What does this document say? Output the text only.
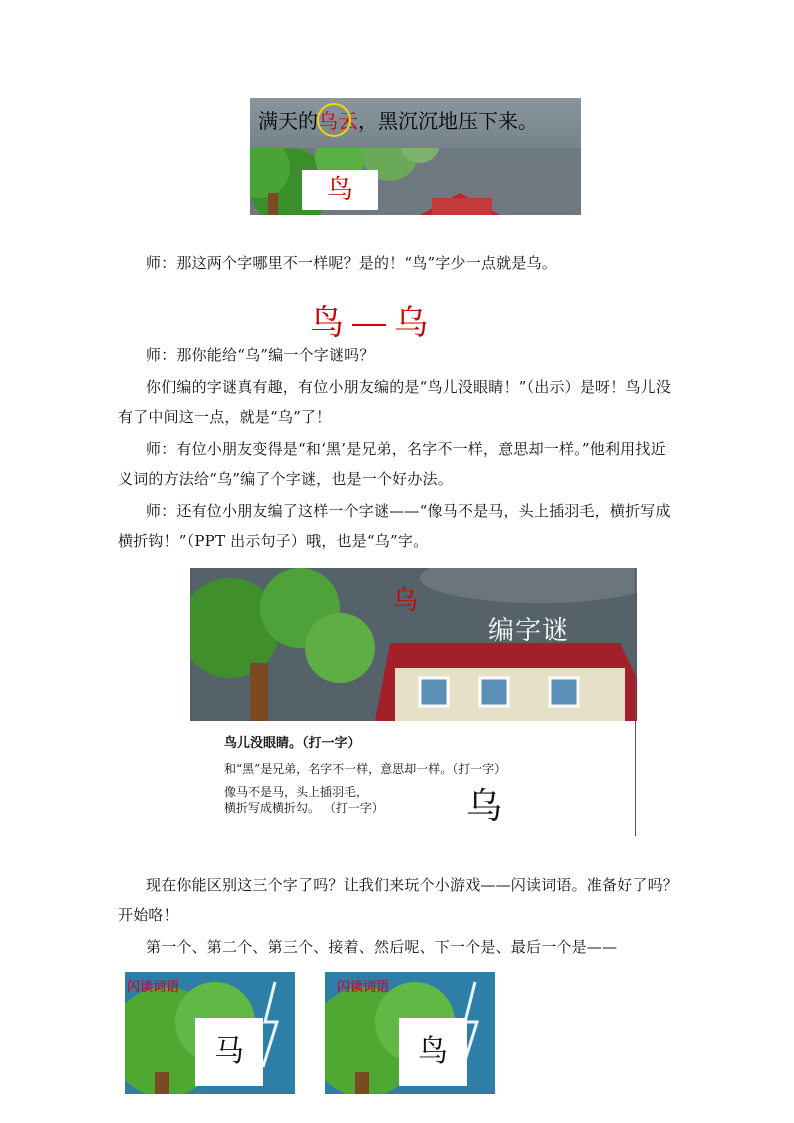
满天的乌云，黑沉沉地压下来。
鸟
师：那这两个字哪里不一样呢？是的！“鸟”字少一点就是乌。
鸟 乌
师：那你能给“乌”编一个字谜吗？
你们编的字谜真有趣，有位小朋友编的是“鸟儿没眼睛！”（出示）是呀！鸟儿没有了中间这一点，就是“乌”了！
师：有位小朋友变得是“和‘黑’是兄弟，名字不一样，意思却一样。”他利用找近义词的方法给“乌”编了个字谜，也是一个好办法。
师：还有位小朋友编了这样一个字谜——“像马不是马，头上插羽毛，横折写成横折钩！”（PPT 出示句子）哦，也是“乌”字。
乌
编字谜
鸟儿没眼睛。（打一字）
和“黑”是兄弟，名字不一样，意思却一样。（打一字）
像马不是马，头上插羽毛，
横折写成横折勾。 （打一字） 乌
现在你能区别这三个字了吗？让我们来玩个小游戏——闪读词语。准备好了吗？开始咯！
第一个、第二个、第三个、接着、然后呢、下一个是、最后一个是——
闪读词语
马
闪读词语
鸟
